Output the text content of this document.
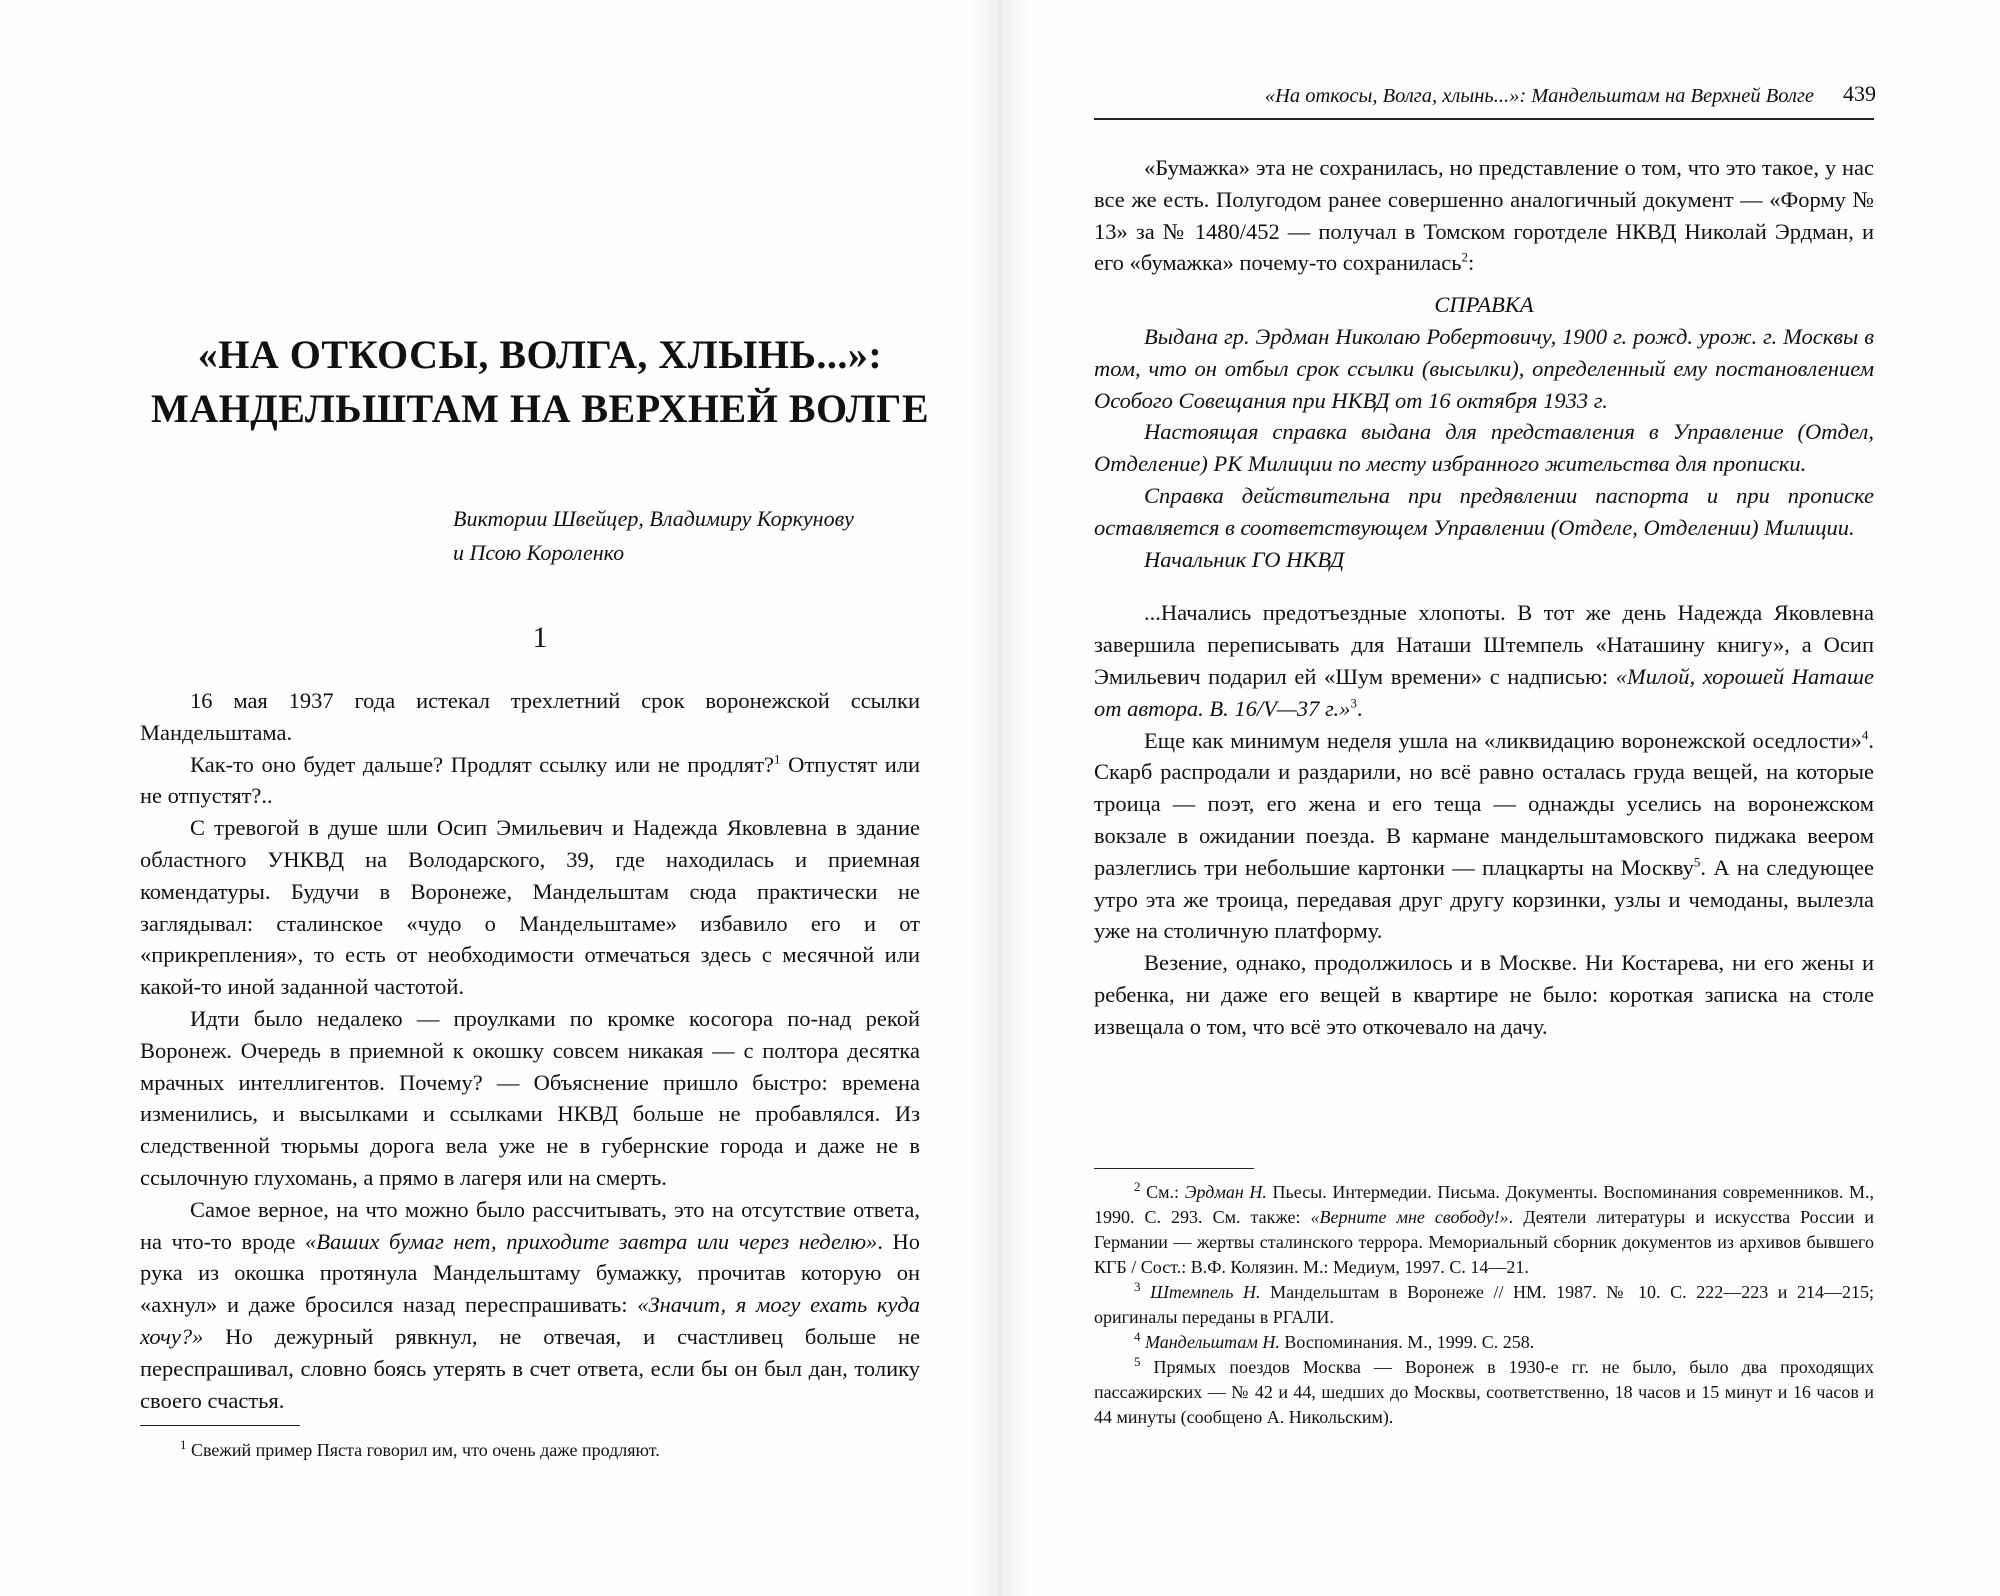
«НА ОТКОСЫ, ВОЛГА, ХЛЫНЬ...»:
МАНДЕЛЬШТАМ НА ВЕРХНЕЙ ВОЛГЕ
Виктории Швейцер, Владимиру Коркунову
и Псою Короленко
1

16 мая 1937 года истекал трехлетний срок воронежской ссылки Мандельштама.

Как-то оно будет дальше? Продлят ссылку или не продлят?$^1$ Отпустят или не отпустят?..

С тревогой в душе шли Осип Эмильевич и Надежда Яковлевна в здание областного УНКВД на Володарского, 39, где находилась и приемная комендатуры. Будучи в Воронеже, Мандельштам сюда практически не заглядывал: сталинское «чудо о Мандельштаме» избавило его и от «прикрепления», то есть от необходимости отмечаться здесь с месячной или какой-то иной заданной частотой.

Идти было недалеко — проулками по кромке косогора по-над рекой Воронеж. Очередь в приемной к окошку совсем никакая — с полтора десятка мрачных интеллигентов. Почему? — Объяснение пришло быстро: времена изменились, и высылками и ссылками НКВД больше не пробавлялся. Из следственной тюрьмы дорога вела уже не в губернские города и даже не в ссылочную глухомань, а прямо в лагеря или на смерть.

Самое верное, на что можно было рассчитывать, это на отсутствие ответа, на что-то вроде «Ваших бумаг нет, приходите завтра или через неделю». Но рука из окошка протянула Мандельштаму бумажку, прочитав которую он «ахнул» и даже бросился назад переспрашивать: «Значит, я могу ехать куда хочу?» Но дежурный рявкнул, не отвечая, и счастливец больше не переспрашивал, словно боясь утерять в счет ответа, если бы он был дан, толику своего счастья.

$^1$ Свежий пример Пяста говорил им, что очень даже продляют.
«На откосы, Волга, хлынь...»: Мандельштам на Верхней Волге	439

«Бумажка» эта не сохранилась, но представление о том, что это такое, у нас все же есть. Полугодом ранее совершенно аналогичный документ — «Форму № 13» за № 1480/452 — получал в Томском горотделе НКВД Николай Эрдман, и его «бумажка» почему-то сохранилась$^2$:

СПРАВКА

Выдана гр. Эрдман Николаю Робертовичу, 1900 г. рожд. урож. г. Москвы в том, что он отбыл срок ссылки (высылки), определенный ему постановлением Особого Совещания при НКВД от 16 октября 1933 г.

Настоящая справка выдана для представления в Управление (Отдел, Отделение) РК Милиции по месту избранного жительства для прописки.

Справка действительна при предявлении паспорта и при прописке оставляется в соответствующем Управлении (Отделе, Отделении) Милиции.

Начальник ГО НКВД

...Начались предотъездные хлопоты. В тот же день Надежда Яковлевна завершила переписывать для Наташи Штемпель «Наташину книгу», а Осип Эмильевич подарил ей «Шум времени» с надписью: «Милой, хорошей Наташе от автора. В. 16/V—37 г.»$^3$.

Еще как минимум неделя ушла на «ликвидацию воронежской оседлости»$^4$. Скарб распродали и раздарили, но всё равно осталась груда вещей, на которые троица — поэт, его жена и его теща — однажды уселись на воронежском вокзале в ожидании поезда. В кармане мандельштамовского пиджака веером разлеглись три небольшие картонки — плацкарты на Москву$^5$. А на следующее утро эта же троица, передавая друг другу корзинки, узлы и чемоданы, вылезла уже на столичную платформу.

Везение, однако, продолжилось и в Москве. Ни Костарева, ни его жены и ребенка, ни даже его вещей в квартире не было: короткая записка на столе извещала о том, что всё это откочевало на дачу.

$^2$ См.: Эрдман Н. Пьесы. Интермедии. Письма. Документы. Воспоминания современников. М., 1990. С. 293. См. также: «Верните мне свободу!». Деятели литературы и искусства России и Германии — жертвы сталинского террора. Мемориальный сборник документов из архивов бывшего КГБ / Сост.: В.Ф. Колязин. М.: Медиум, 1997. С. 14—21.

$^3$ Штемпель Н. Мандельштам в Воронеже // НМ. 1987. № 10. С. 222—223 и 214—215; оригиналы переданы в РГАЛИ.

$^4$ Мандельштам Н. Воспоминания. М., 1999. С. 258.

$^5$ Прямых поездов Москва — Воронеж в 1930-е гг. не было, было два проходящих пассажирских — № 42 и 44, шедших до Москвы, соответственно, 18 часов и 15 минут и 16 часов и 44 минуты (сообщено А. Никольским).
